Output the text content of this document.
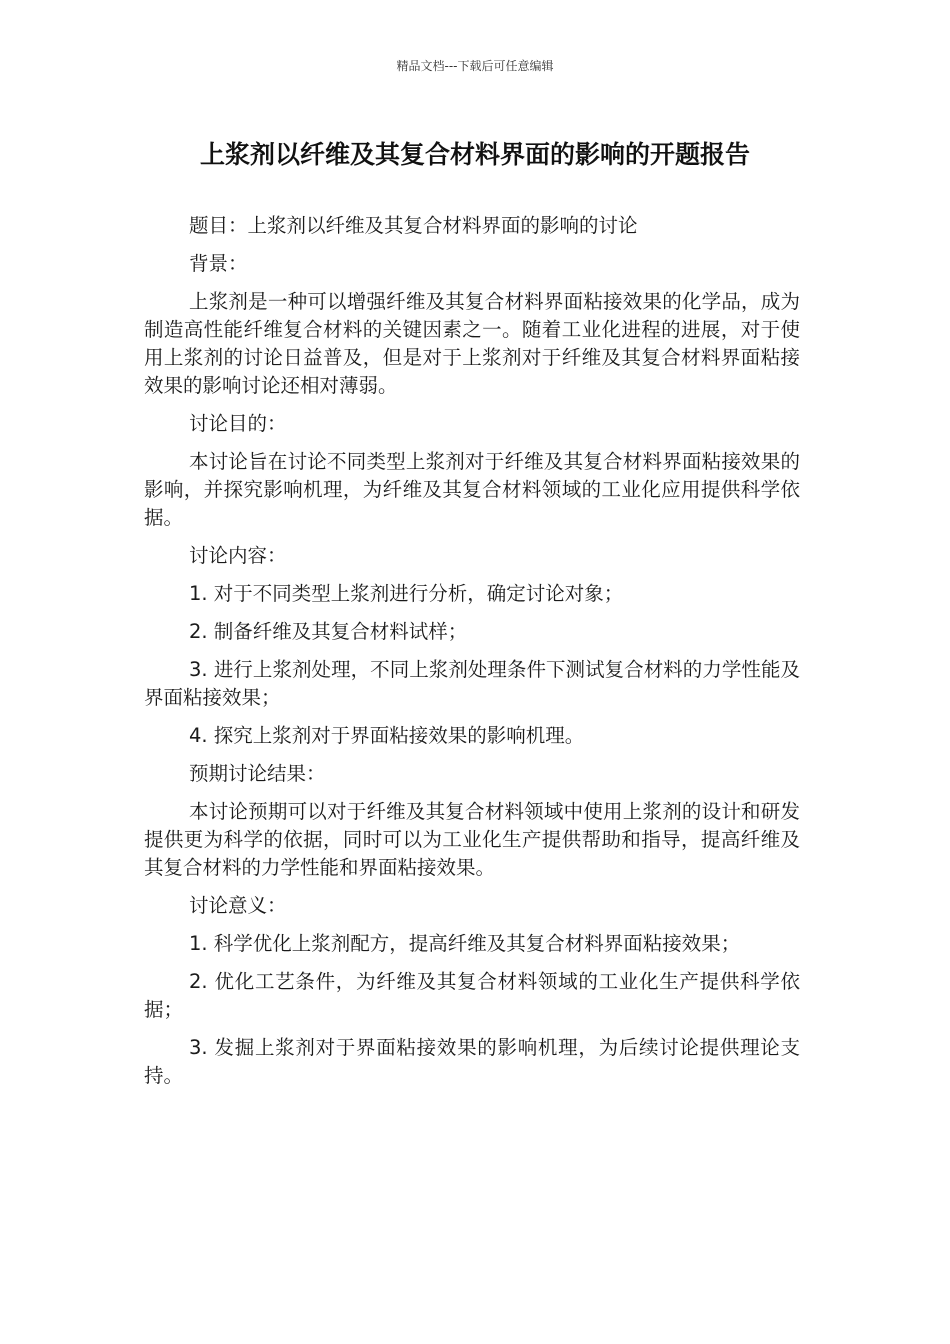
精品文档---下载后可任意编辑
上浆剂以纤维及其复合材料界面的影响的开题报告

题目：上浆剂以纤维及其复合材料界面的影响的讨论

背景：

上浆剂是一种可以增强纤维及其复合材料界面粘接效果的化学品，成为制造高性能纤维复合材料的关键因素之一。随着工业化进程的进展，对于使用上浆剂的讨论日益普及，但是对于上浆剂对于纤维及其复合材料界面粘接效果的影响讨论还相对薄弱。

讨论目的：

本讨论旨在讨论不同类型上浆剂对于纤维及其复合材料界面粘接效果的影响，并探究影响机理，为纤维及其复合材料领域的工业化应用提供科学依据。

讨论内容：

1. 对于不同类型上浆剂进行分析，确定讨论对象；

2. 制备纤维及其复合材料试样；

3. 进行上浆剂处理，不同上浆剂处理条件下测试复合材料的力学性能及界面粘接效果；

4. 探究上浆剂对于界面粘接效果的影响机理。

预期讨论结果：

本讨论预期可以对于纤维及其复合材料领域中使用上浆剂的设计和研发提供更为科学的依据，同时可以为工业化生产提供帮助和指导，提高纤维及其复合材料的力学性能和界面粘接效果。

讨论意义：

1. 科学优化上浆剂配方，提高纤维及其复合材料界面粘接效果；

2. 优化工艺条件，为纤维及其复合材料领域的工业化生产提供科学依据；

3. 发掘上浆剂对于界面粘接效果的影响机理，为后续讨论提供理论支持。
